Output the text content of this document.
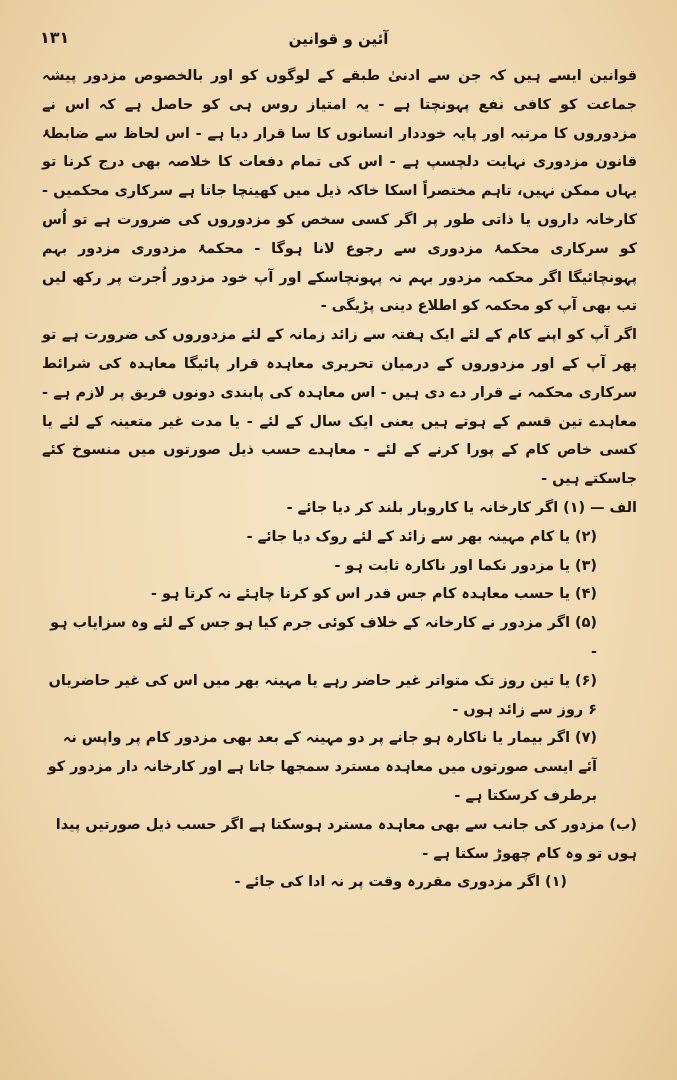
۱۳۱	آئین و قوانین

قوانین ایسے ہیں کہ جن سے ادنیٰ طبقے کے لوگوں کو اور بالخصوص مزدور پیشہ جماعت کو کافی نفع پہونچتا ہے - یہ امتیاز روس ہی کو حاصل ہے کہ اس نے مزدوروں کا مرتبہ اور پایہ خوددار انسانوں کا سا قرار دیا ہے - اس لحاظ سے ضابطۂ قانون مزدوری نہایت دلچسپ ہے - اس کی تمام دفعات کا خلاصہ بھی درج کرنا تو یہاں ممکن نہیں، تاہم مختصراً اسکا خاکہ ذیل میں کھینچا جاتا ہے سرکاری محکمیں - کارخانہ داروں یا ذاتی طور پر اگر کسی سخص کو مزدوروں کی ضرورت ہے تو اُس کو سرکاری محکمۂ مزدوری سے رجوع لانا ہوگا - محکمۂ مزدوری مزدور بہم پہونچائیگا اگر محکمہ مزدور بہم نہ پہونچاسکے اور آپ خود مزدور اُجرت پر رکھ لیں تب بھی آپ کو محکمہ کو اطلاع دینی پڑیگی -

اگر آپ کو اپنے کام کے لئے ایک ہفتہ سے زائد زمانہ کے لئے مزدوروں کی ضرورت ہے تو پھر آپ کے اور مزدوروں کے درمیان تحریری معاہدہ قرار پائیگا معاہدہ کی شرائط سرکاری محکمہ نے قرار دے دی ہیں - اس معاہدہ کی پابندی دونوں فریق پر لازم ہے - معاہدے تین قسم کے ہوتے ہیں یعنی ایک سال کے لئے - یا مدت غیر متعینہ کے لئے یا کسی خاص کام کے پورا کرنے کے لئے - معاہدے حسب ذیل صورتوں میں منسوخ کئے جاسکتے ہیں -

الف — (۱) اگر کارخانہ یا کاروبار بلند کر دیا جائے -

(۲) یا کام مہینہ بھر سے زائد کے لئے روک دیا جائے -

(۳) یا مزدور نکما اور ناکارہ ثابت ہو -

(۴) یا حسب معاہدہ کام جس قدر اس کو کرنا چاہئے نہ کرتا ہو -

(۵) اگر مزدور نے کارخانہ کے خلاف کوئی جرم کیا ہو جس کے لئے وہ سزایاب ہو -

(۶) یا تین روز تک متواتر غیر حاضر رہے یا مہینہ بھر میں اس کی غیر حاضریاں ۶ روز سے زائد ہوں -

(۷) اگر بیمار یا ناکارہ ہو جانے پر دو مہینہ کے بعد بھی مزدور کام پر واپس نہ آئے ایسی صورتوں میں معاہدہ مسترد سمجھا جاتا ہے اور کارخانہ دار مزدور کو برطرف کرسکتا ہے -

(ب) مزدور کی جانب سے بھی معاہدہ مسترد ہوسکتا ہے اگر حسب ذیل صورتیں پیدا ہوں تو وہ کام چھوڑ سکتا ہے -

(۱) اگر مزدوری مقررہ وقت پر نہ ادا کی جائے -
